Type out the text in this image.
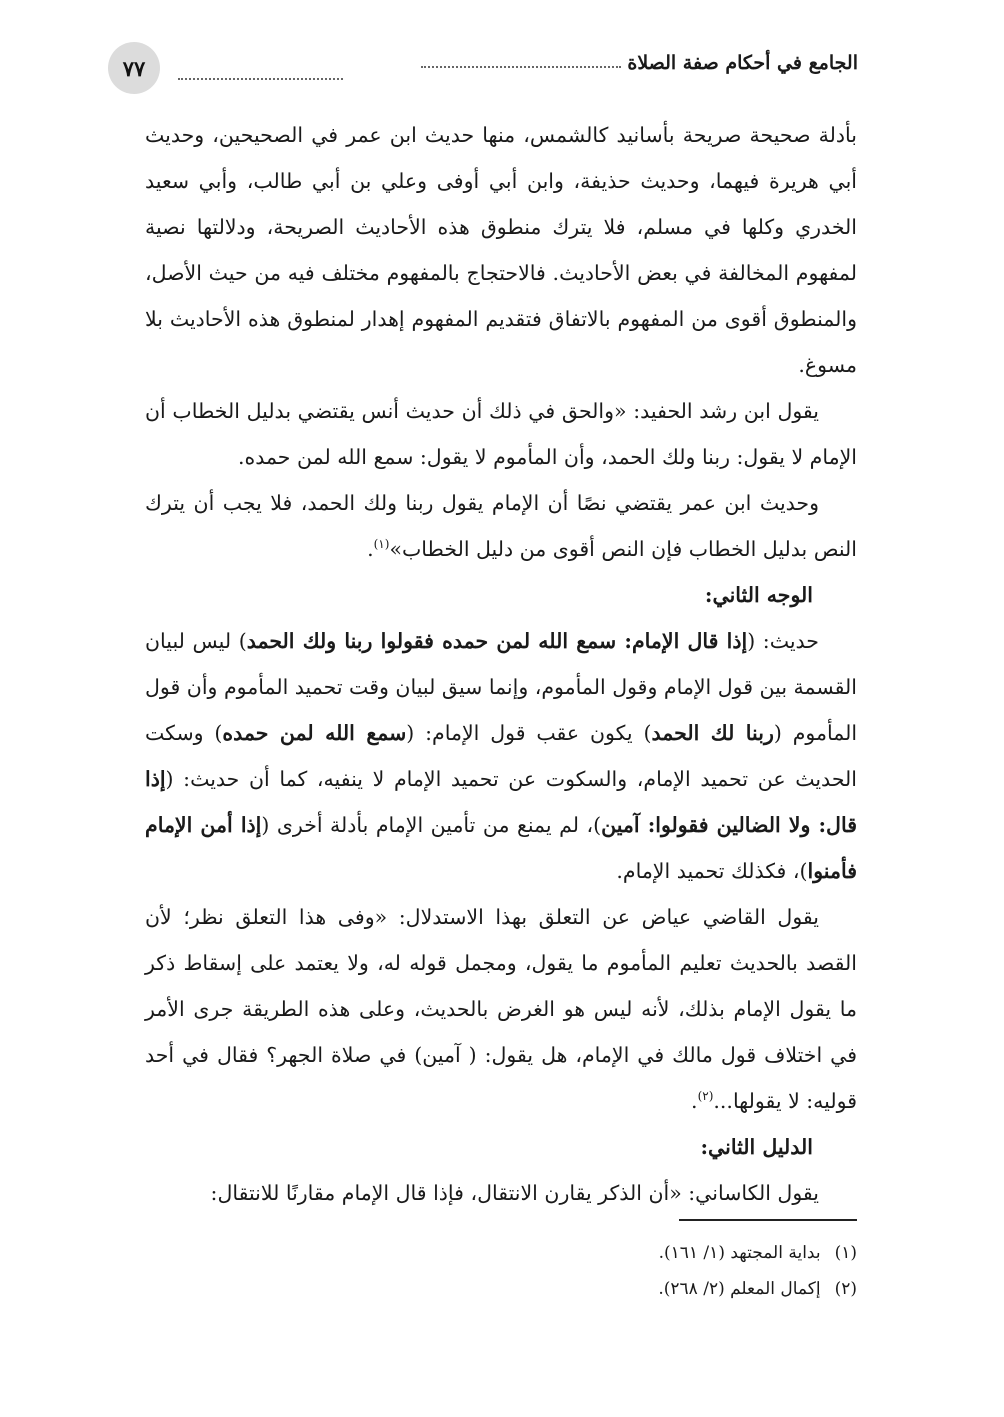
٧٧	الجامع في أحكام صفة الصلاة

بأدلة صحيحة صريحة بأسانيد كالشمس، منها حديث ابن عمر في الصحيحين، وحديث أبي هريرة فيهما، وحديث حذيفة، وابن أبي أوفى وعلي بن أبي طالب، وأبي سعيد الخدري وكلها في مسلم، فلا يترك منطوق هذه الأحاديث الصريحة، ودلالتها نصية لمفهوم المخالفة في بعض الأحاديث. فالاحتجاج بالمفهوم مختلف فيه من حيث الأصل، والمنطوق أقوى من المفهوم بالاتفاق فتقديم المفهوم إهدار لمنطوق هذه الأحاديث بلا مسوغ.

يقول ابن رشد الحفيد: «والحق في ذلك أن حديث أنس يقتضي بدليل الخطاب أن الإمام لا يقول: ربنا ولك الحمد، وأن المأموم لا يقول: سمع الله لمن حمده.

وحديث ابن عمر يقتضي نصًا أن الإمام يقول ربنا ولك الحمد، فلا يجب أن يترك النص بدليل الخطاب فإن النص أقوى من دليل الخطاب»$^{(١)}$.

الوجه الثاني:

حديث: (إذا قال الإمام: سمع الله لمن حمده فقولوا ربنا ولك الحمد) ليس لبيان القسمة بين قول الإمام وقول المأموم، وإنما سيق لبيان وقت تحميد المأموم وأن قول المأموم (ربنا لك الحمد) يكون عقب قول الإمام: (سمع الله لمن حمده) وسكت الحديث عن تحميد الإمام، والسكوت عن تحميد الإمام لا ينفيه، كما أن حديث: (إذا قال: ولا الضالين فقولوا: آمين)، لم يمنع من تأمين الإمام بأدلة أخرى (إذا أمن الإمام فأمنوا)، فكذلك تحميد الإمام.

يقول القاضي عياض عن التعلق بهذا الاستدلال: «وفى هذا التعلق نظر؛ لأن القصد بالحديث تعليم المأموم ما يقول، ومجمل قوله له، ولا يعتمد على إسقاط ذكر ما يقول الإمام بذلك، لأنه ليس هو الغرض بالحديث، وعلى هذه الطريقة جرى الأمر في اختلاف قول مالك في الإمام، هل يقول: ( آمين) في صلاة الجهر؟ فقال في أحد قوليه: لا يقولها...$^{(٢)}$.

الدليل الثاني:

يقول الكاساني: «أن الذكر يقارن الانتقال، فإذا قال الإمام مقارنًا للانتقال:

(١)
بداية المجتهد (١/ ١٦١).
(٢)
إكمال المعلم (٢/ ٢٦٨).
